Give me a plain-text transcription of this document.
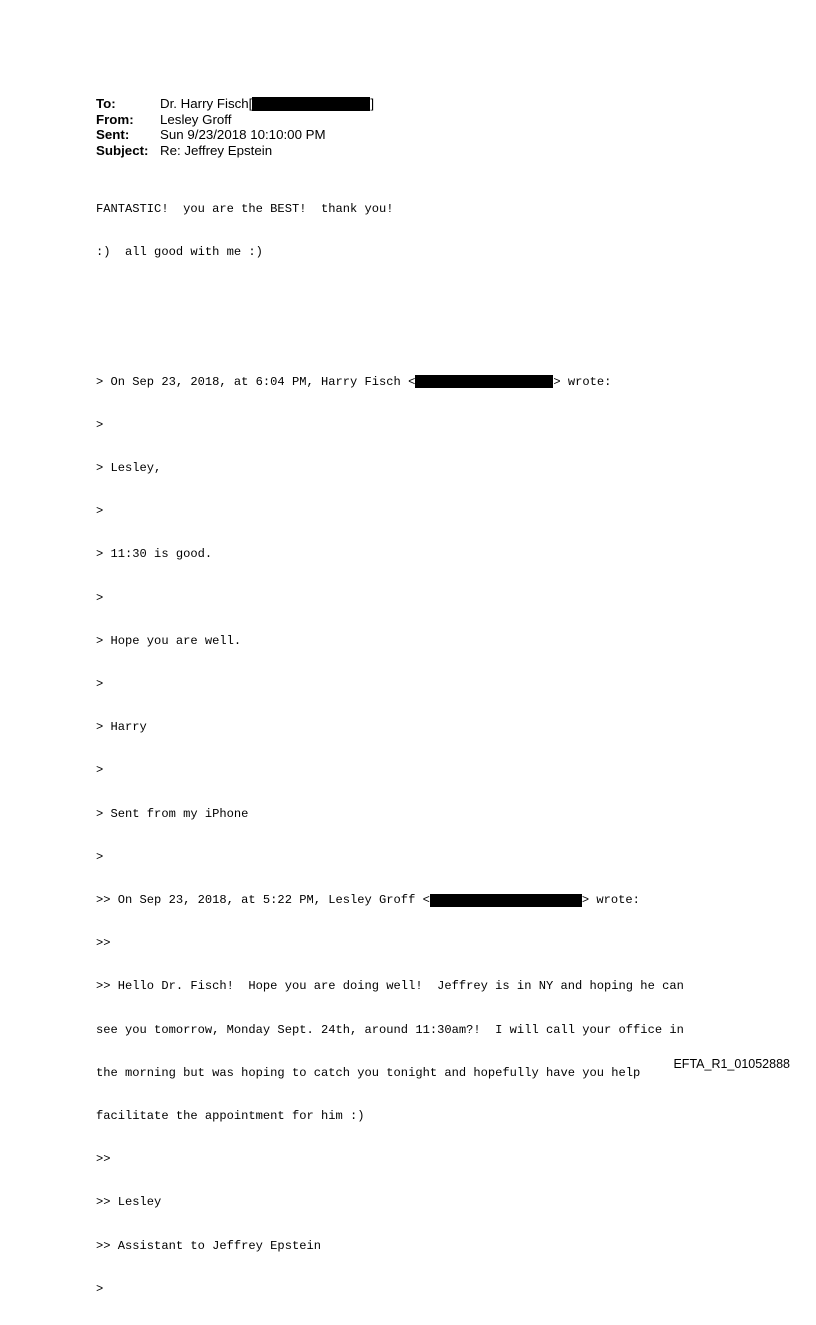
To:	Dr. Harry Fisch[	]
From:	Lesley Groff
Sent:	Sun 9/23/2018 10:10:00 PM
Subject: Re: Jeffrey Epstein

FANTASTIC!  you are the BEST!  thank you!

:)  all good with me :)

> On Sep 23, 2018, at 6:04 PM, Harry Fisch <	> wrote:

>

> Lesley,

>

> 11:30 is good.

>

> Hope you are well.

>

> Harry

>

> Sent from my iPhone

>

>> On Sep 23, 2018, at 5:22 PM, Lesley Groff <	> wrote:

>>

>> Hello Dr. Fisch!  Hope you are doing well!  Jeffrey is in NY and hoping he can

see you tomorrow, Monday Sept. 24th, around 11:30am?!  I will call your office in

the morning but was hoping to catch you tonight and hopefully have you help

facilitate the appointment for him :)

>>

>> Lesley

>> Assistant to Jeffrey Epstein

>

EFTA_R1_01052888
